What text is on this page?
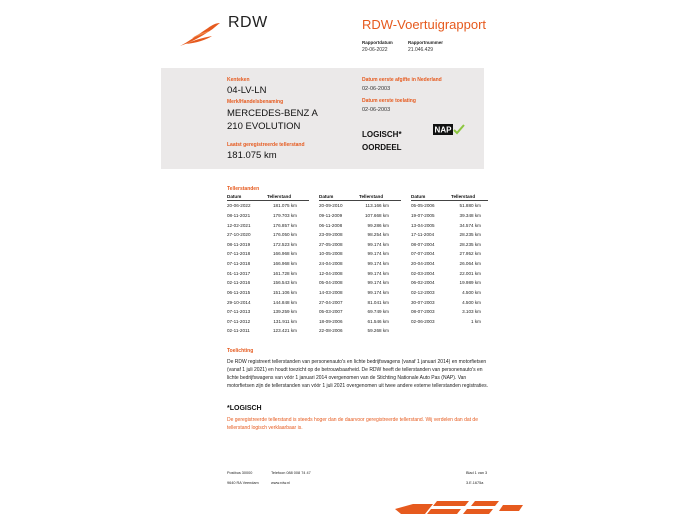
RDW	RDW-Voertuigrapport
Rapportdatum
20-06-2022
Rapportnummer
21.046.429
Kenteken
04-LV-LN
Merk/Handelsbenaming
MERCEDES-BENZ A
210 EVOLUTION
Laatst geregistreerde tellerstand
181.075 km
Datum eerste afgifte in Nederland
02-06-2003
Datum eerste toelating
02-06-2003
LOGISCH*
OORDEEL
NAP
Tellerstanden
Datum	Tellerstand
20-06-2022	181.075 km
08-11-2021	179.703 km
12-02-2021	176.857 km
27-10-2020	176.050 km
08-11-2019	172.523 km
07-11-2018	166.968 km
07-11-2018	166.968 km
01-11-2017	161.728 km
02-11-2016	156.543 km
06-11-2015	151.106 km
29-10-2014	144.848 km
07-11-2013	139.259 km
07-11-2012	131.911 km
02-11-2011	123.421 km
Datum	Tellerstand
20-09-2010	113.166 km
09-11-2009	107.668 km
06-11-2008	99.286 km
23-09-2008	98.254 km
27-05-2008	99.174 km
10-05-2008	99.174 km
24-04-2008	99.174 km
12-04-2008	99.174 km
05-04-2008	99.174 km
14-03-2008	99.174 km
27-04-2007	81.041 km
05-03-2007	69.749 km
18-09-2006	61.546 km
22-08-2006	59.268 km
Datum	Tellerstand
05-05-2006	51.880 km
19-07-2005	39.348 km
13-04-2005	34.574 km
17-11-2004	28.235 km
08-07-2004	28.235 km
07-07-2004	27.952 km
20-04-2004	26.064 km
02-03-2004	22.001 km
06-02-2004	19.989 km
02-12-2003	4.500 km
30-07-2003	4.500 km
08-07-2003	3.103 km
02-06-2003	1 km
Toelichting
De RDW registreert tellerstanden van personenauto's en lichte bedrijfswagens (vanaf 1 januari 2014) en motorfietsen (vanaf 1 juli 2021) en houdt toezicht op de betrouwbaarheid. De RDW heeft de tellerstanden van personenauto's en lichte bedrijfswagens van vóór 1 januari 2014 overgenomen van de Stichting Nationale Auto Pas (NAP). Van motorfietsen zijn de tellerstanden van vóór 1 juli 2021 overgenomen uit twee andere externe tellerstanden registraties.
*LOGISCH
De geregistreerde tellerstand is steeds hoger dan de daarvoor geregistreerde tellerstand. Wij verdelen dan dat de tellerstand logisch verklaarbaar is.
Postbus 30000
9640 RA Veendam
Telefoon 088 008 74 47
www.rdw.nl
Blad 1 van 3
3.E.1675a
